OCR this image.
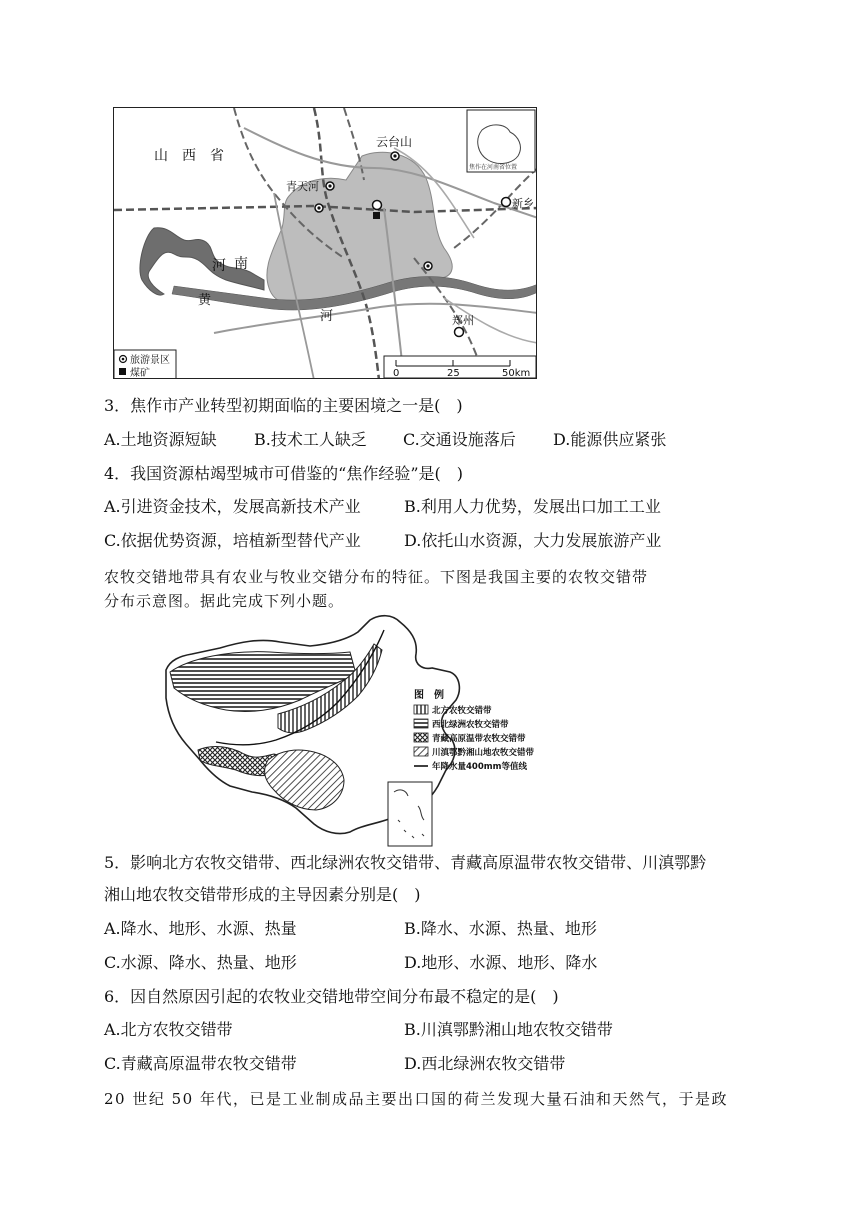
焦作在河南省位置
山　西　省
云台山
青天河
新乡
郑州
河 南
黄
河
旅游景区
煤矿	0	25	50km
3．焦作市产业转型初期面临的主要困境之一是(　)
A.土地资源短缺 B.技术工人缺乏 C.交通设施落后 D.能源供应紧张
4．我国资源枯竭型城市可借鉴的“焦作经验”是(　)
A.引进资金技术，发展高新技术产业	B.利用人力优势，发展出口加工工业
C.依据优势资源，培植新型替代产业	D.依托山水资源，大力发展旅游产业
农牧交错地带具有农业与牧业交错分布的特征。下图是我国主要的农牧交错带
分布示意图。据此完成下列小题。
图　例
北方农牧交错带
西北绿洲农牧交错带
青藏高原温带农牧交错带
川滇鄂黔湘山地农牧交错带
年降水量400mm等值线
5．影响北方农牧交错带、西北绿洲农牧交错带、青藏高原温带农牧交错带、川滇鄂黔
湘山地农牧交错带形成的主导因素分别是(　)
A.降水、地形、水源、热量	B.降水、水源、热量、地形
C.水源、降水、热量、地形	D.地形、水源、地形、降水
6．因自然原因引起的农牧业交错地带空间分布最不稳定的是(　)
A.北方农牧交错带	B.川滇鄂黔湘山地农牧交错带
C.青藏高原温带农牧交错带	D.西北绿洲农牧交错带
20 世纪 50 年代，已是工业制成品主要出口国的荷兰发现大量石油和天然气，于是政
